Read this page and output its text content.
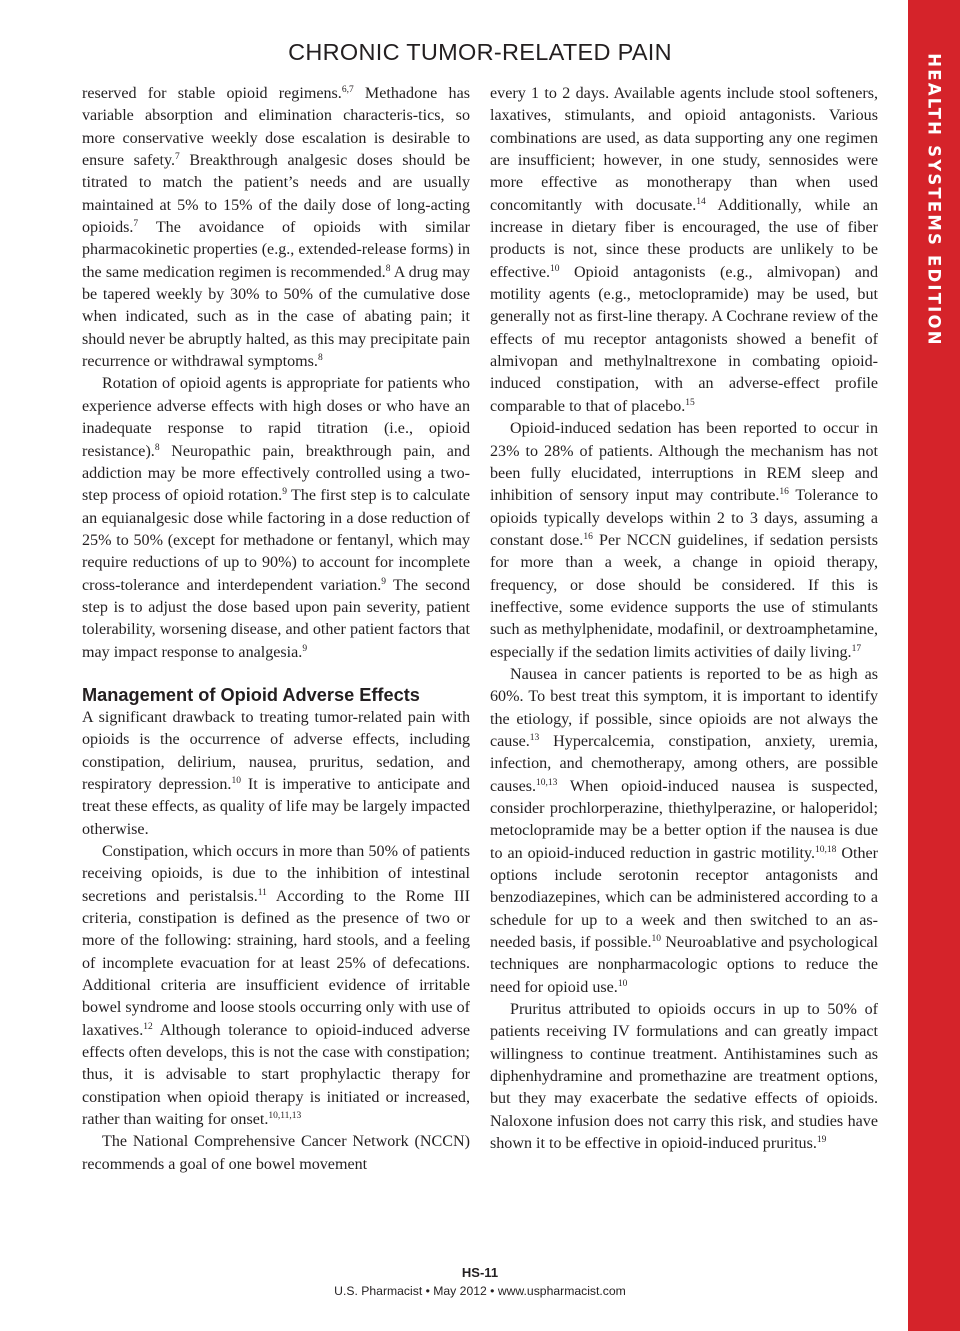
HEALTH SYSTEMS EDITION
CHRONIC TUMOR-RELATED PAIN

reserved for stable opioid regimens.$^{6,7}$ Methadone has variable absorption and elimination characteris-tics, so more conservative weekly dose escalation is desirable to ensure safety.$^7$ Breakthrough analgesic doses should be titrated to match the patient’s needs and are usually maintained at 5% to 15% of the daily dose of long-acting opioids.$^7$ The avoidance of opioids with similar pharmacokinetic properties (e.g., extended-release forms) in the same medication regimen is recommended.$^8$ A drug may be tapered weekly by 30% to 50% of the cumulative dose when indicated, such as in the case of abating pain; it should never be abruptly halted, as this may precipitate pain recurrence or withdrawal symptoms.$^8$

Rotation of opioid agents is appropriate for patients who experience adverse effects with high doses or who have an inadequate response to rapid titration (i.e., opioid resistance).$^8$ Neuropathic pain, breakthrough pain, and addiction may be more effectively controlled using a two-step process of opioid rotation.$^9$ The first step is to calculate an equianalgesic dose while factoring in a dose reduction of 25% to 50% (except for methadone or fentanyl, which may require reductions of up to 90%) to account for incomplete cross-tolerance and interdependent variation.$^9$ The second step is to adjust the dose based upon pain severity, patient tolerability, worsening disease, and other patient factors that may impact response to analgesia.$^9$

Management of Opioid Adverse Effects

A significant drawback to treating tumor-related pain with opioids is the occurrence of adverse effects, including constipation, delirium, nausea, pruritus, sedation, and respiratory depression.$^{10}$ It is imperative to anticipate and treat these effects, as quality of life may be largely impacted otherwise.

Constipation, which occurs in more than 50% of patients receiving opioids, is due to the inhibition of intestinal secretions and peristalsis.$^{11}$ According to the Rome III criteria, constipation is defined as the presence of two or more of the following: straining, hard stools, and a feeling of incomplete evacuation for at least 25% of defecations. Additional criteria are insufficient evidence of irritable bowel syndrome and loose stools occurring only with use of laxatives.$^{12}$ Although tolerance to opioid-induced adverse effects often develops, this is not the case with constipation; thus, it is advisable to start prophylactic therapy for constipation when opioid therapy is initiated or increased, rather than waiting for onset.$^{10,11,13}$

The National Comprehensive Cancer Network (NCCN) recommends a goal of one bowel movement

every 1 to 2 days. Available agents include stool softeners, laxatives, stimulants, and opioid antagonists. Various combinations are used, as data supporting any one regimen are insufficient; however, in one study, sennosides were more effective as monotherapy than when used concomitantly with docusate.$^{14}$ Additionally, while an increase in dietary fiber is encouraged, the use of fiber products is not, since these products are unlikely to be effective.$^{10}$ Opioid antagonists (e.g., almivopan) and motility agents (e.g., metoclopramide) may be used, but generally not as first-line therapy. A Cochrane review of the effects of mu receptor antagonists showed a benefit of almivopan and methylnaltrexone in combating opioid-induced constipation, with an adverse-effect profile comparable to that of placebo.$^{15}$

Opioid-induced sedation has been reported to occur in 23% to 28% of patients. Although the mechanism has not been fully elucidated, interruptions in REM sleep and inhibition of sensory input may contribute.$^{16}$ Tolerance to opioids typically develops within 2 to 3 days, assuming a constant dose.$^{16}$ Per NCCN guidelines, if sedation persists for more than a week, a change in opioid therapy, frequency, or dose should be considered. If this is ineffective, some evidence supports the use of stimulants such as methylphenidate, modafinil, or dextroamphetamine, especially if the sedation limits activities of daily living.$^{17}$

Nausea in cancer patients is reported to be as high as 60%. To best treat this symptom, it is important to identify the etiology, if possible, since opioids are not always the cause.$^{13}$ Hypercalcemia, constipation, anxiety, uremia, infection, and chemotherapy, among others, are possible causes.$^{10,13}$ When opioid-induced nausea is suspected, consider prochlorperazine, thiethylperazine, or haloperidol; metoclopramide may be a better option if the nausea is due to an opioid-induced reduction in gastric motility.$^{10,18}$ Other options include serotonin receptor antagonists and benzodiazepines, which can be administered according to a schedule for up to a week and then switched to an as-needed basis, if possible.$^{10}$ Neuroablative and psychological techniques are nonpharmacologic options to reduce the need for opioid use.$^{10}$

Pruritus attributed to opioids occurs in up to 50% of patients receiving IV formulations and can greatly impact willingness to continue treatment. Antihistamines such as diphenhydramine and promethazine are treatment options, but they may exacerbate the sedative effects of opioids. Naloxone infusion does not carry this risk, and studies have shown it to be effective in opioid-induced pruritus.$^{19}$

HS-11
U.S. Pharmacist • May 2012 • www.uspharmacist.com
